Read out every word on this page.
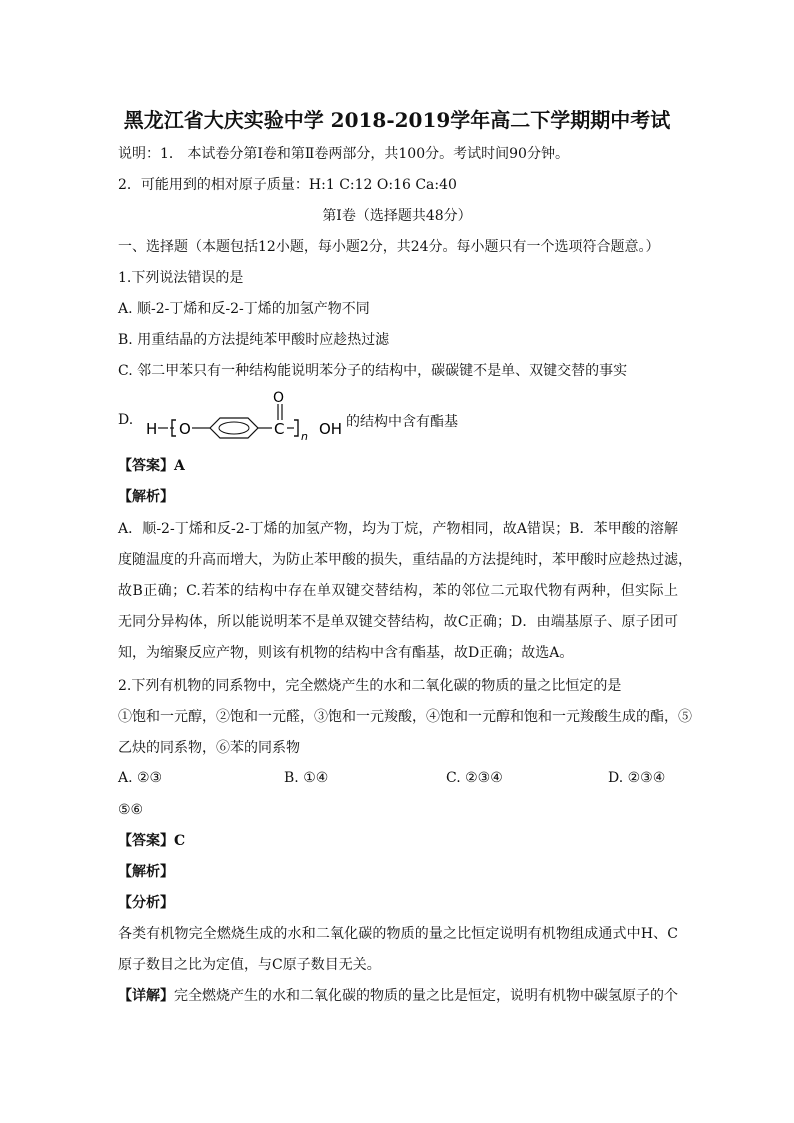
黑龙江省大庆实验中学 2018-2019学年高二下学期期中考试
说明：1． 本试卷分第Ⅰ卷和第Ⅱ卷两部分，共100分。考试时间90分钟。
2．可能用到的相对原子质量：H:1 C:12 O:16 Ca:40
第Ⅰ卷（选择题共48分）
一、选择题（本题包括12小题，每小题2分，共24分。每小题只有一个选项符合题意。）
1.下列说法错误的是
A. 顺-2-丁烯和反-2-丁烯的加氢产物不同
B. 用重结晶的方法提纯苯甲酸时应趁热过滤
C. 邻二甲苯只有一种结构能说明苯分子的结构中，碳碳键不是单、双键交替的事实
D. H O	C
O
n OH 的结构中含有酯基
【答案】A
【解析】
A．顺-2-丁烯和反-2-丁烯的加氢产物，均为丁烷，产物相同，故A错误；B．苯甲酸的溶解
度随温度的升高而增大，为防止苯甲酸的损失，重结晶的方法提纯时，苯甲酸时应趁热过滤，
故B正确；C.若苯的结构中存在单双键交替结构，苯的邻位二元取代物有两种，但实际上
无同分异构体，所以能说明苯不是单双键交替结构，故C正确；D．由端基原子、原子团可
知，为缩聚反应产物，则该有机物的结构中含有酯基，故D正确；故选A。
2.下列有机物的同系物中，完全燃烧产生的水和二氧化碳的物质的量之比恒定的是
①饱和一元醇，②饱和一元醛，③饱和一元羧酸，④饱和一元醇和饱和一元羧酸生成的酯，⑤
乙炔的同系物，⑥苯的同系物
A. ②③	B. ①④	C. ②③④	D. ②③④
⑤⑥
【答案】C
【解析】
【分析】
各类有机物完全燃烧生成的水和二氧化碳的物质的量之比恒定说明有机物组成通式中H、C
原子数目之比为定值，与C原子数目无关。
【详解】完全燃烧产生的水和二氧化碳的物质的量之比是恒定，说明有机物中碳氢原子的个
